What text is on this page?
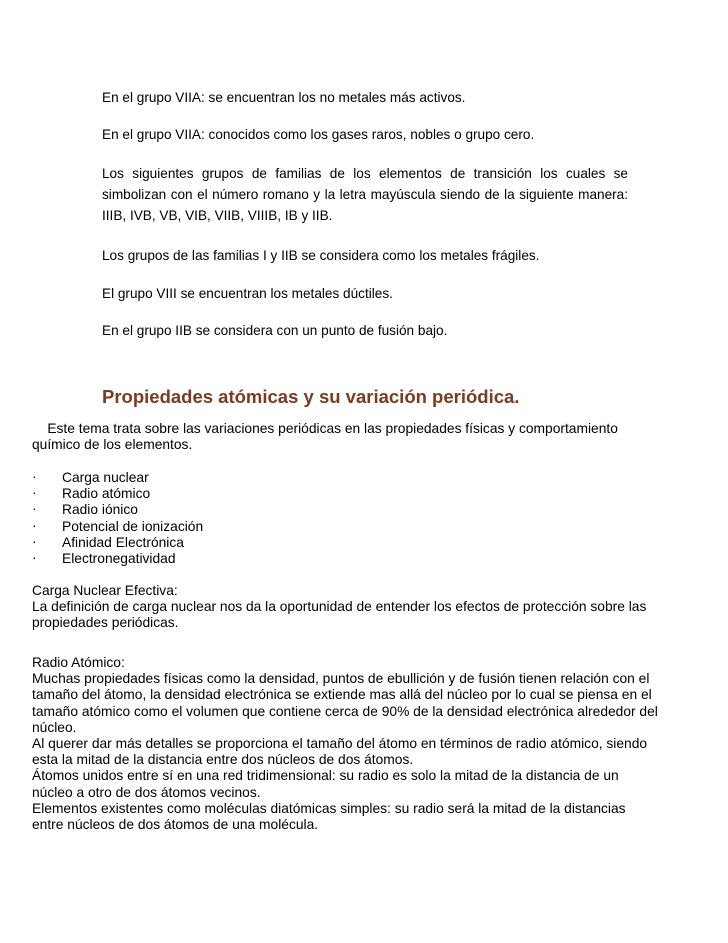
En el grupo VIIA: se encuentran los no metales más activos.
En el grupo VIIA: conocidos como los gases raros, nobles o grupo cero.
Los siguientes grupos de familias de los elementos de transición los cuales se simbolizan con el número romano y la letra mayúscula siendo de la siguiente manera: IIIB, IVB, VB, VIB, VIIB, VIIIB, IB y IIB.
Los grupos de las familias I y IIB se considera como los metales frágiles.
El grupo VIII se encuentran los metales dúctiles.
En el grupo IIB se considera con un punto de fusión bajo.
Propiedades atómicas y su variación periódica.
Este tema trata sobre las variaciones periódicas en las propiedades físicas y comportamiento
químico de los elementos.
· Carga nuclear
· Radio atómico
· Radio iónico
· Potencial de ionización
· Afinidad Electrónica
· Electronegatividad
Carga Nuclear Efectiva:
La definición de carga nuclear nos da la oportunidad de entender los efectos de protección sobre las
propiedades periódicas.
Radio Atómico:
Muchas propiedades físicas como la densidad, puntos de ebullición y de fusión tienen relación con el
tamaño del átomo, la densidad electrónica se extiende mas allá del núcleo por lo cual se piensa en el
tamaño atómico como el volumen que contiene cerca de 90% de la densidad electrónica alrededor del
núcleo.
Al querer dar más detalles se proporciona el tamaño del átomo en términos de radio atómico, siendo
esta la mitad de la distancia entre dos núcleos de dos átomos.
Átomos unidos entre sí en una red tridimensional: su radio es solo la mitad de la distancia de un
núcleo a otro de dos átomos vecinos.
Elementos existentes como moléculas diatómicas simples: su radio será la mitad de la distancias
entre núcleos de dos átomos de una molécula.
